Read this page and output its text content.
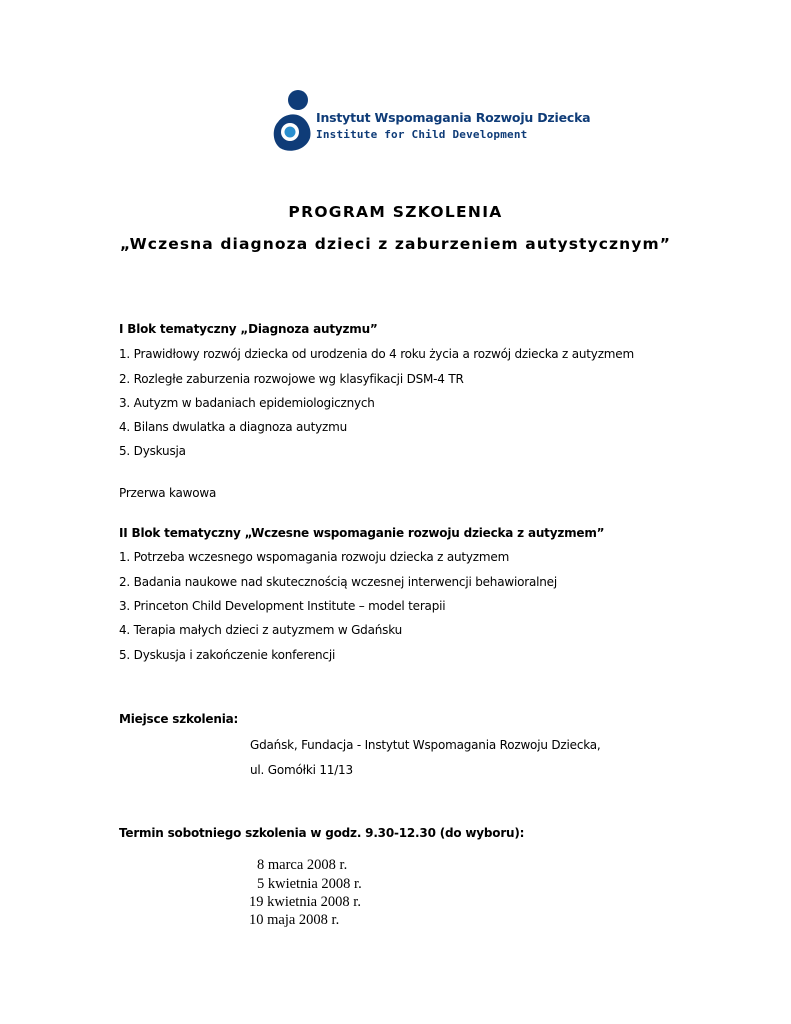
Instytut Wspomagania Rozwoju Dziecka
Institute for Child Development
PROGRAM SZKOLENIA
„Wczesna diagnoza dzieci z zaburzeniem autystycznym”
I Blok tematyczny „Diagnoza autyzmu”
1. Prawidłowy rozwój dziecka od urodzenia do 4 roku życia a rozwój dziecka z autyzmem
2. Rozległe zaburzenia rozwojowe wg klasyfikacji DSM-4 TR
3. Autyzm w badaniach epidemiologicznych
4. Bilans dwulatka a diagnoza autyzmu
5. Dyskusja
Przerwa kawowa
II Blok tematyczny „Wczesne wspomaganie rozwoju dziecka z autyzmem”
1. Potrzeba wczesnego wspomagania rozwoju dziecka z autyzmem
2. Badania naukowe nad skutecznością wczesnej interwencji behawioralnej
3. Princeton Child Development Institute – model terapii
4. Terapia małych dzieci z autyzmem w Gdańsku
5. Dyskusja i zakończenie konferencji
Miejsce szkolenia:
Gdańsk, Fundacja - Instytut Wspomagania Rozwoju Dziecka,
ul. Gomółki 11/13
Termin sobotniego szkolenia w godz. 9.30-12.30 (do wyboru):
8 marca 2008 r.
5 kwietnia 2008 r.
19 kwietnia 2008 r.
10 maja 2008 r.
